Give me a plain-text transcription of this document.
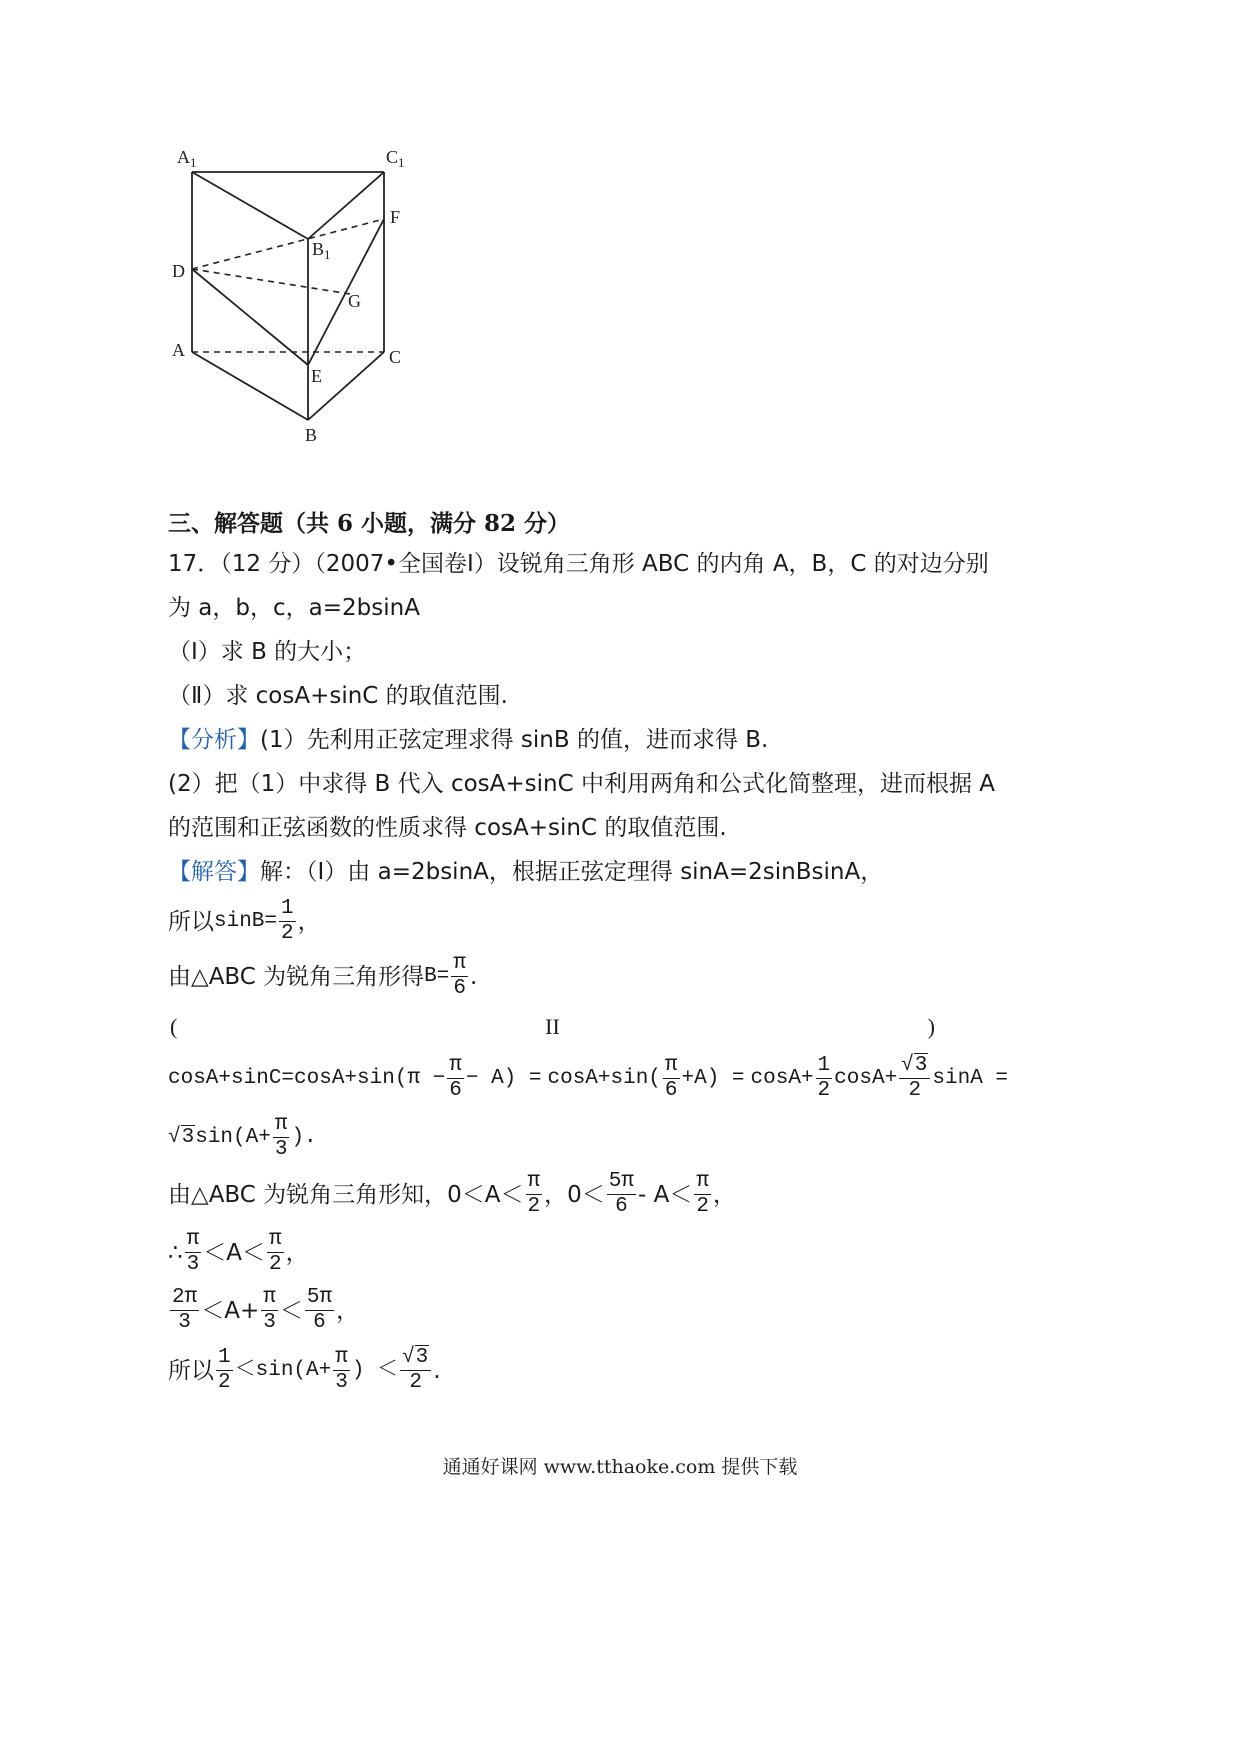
$A_1$	$C_1$
F
$B_1$
D
G
A	C
E
B
三、解答题（共 6 小题，满分 82 分）
17．（12 分）（2007•全国卷Ⅰ）设锐角三角形 ABC 的内角 A，B，C 的对边分别
为 a，b，c，a=2bsinA
（Ⅰ）求 B 的大小；
（Ⅱ）求 cosA+sinC 的取值范围.
【分析】(1）先利用正弦定理求得 sinB 的值，进而求得 B.
(2）把（1）中求得 B 代入 cosA+sinC 中利用两角和公式化简整理，进而根据 A
的范围和正弦函数的性质求得 cosA+sinC 的取值范围.
【解答】解：（Ⅰ）由 a=2bsinA，根据正弦定理得 sinA=2sinBsinA，
所以 $\sin B= \frac{1}{2}$ ，
由△ABC 为锐角三角形得 $B= \frac{\pi}{6}$ .
(	II	)
$\cos A+\sin C=\cos A+\sin(\pi - \frac{\pi}{6} - A) = \cos A+\sin( \frac{\pi}{6} +A) = \cos A+ \frac{1}{2} \cos A+ \frac{√3}{2}$ sinA =
√3 $\sin(A+ \frac{\pi}{3}$ ).
由△ABC 为锐角三角形知，$0<A< \frac{\pi}{2}$ ，$0< \frac{5\pi}{6} - A< \frac{\pi}{2}$ ，
∴ $\frac{\pi}{3} <A< \frac{\pi}{2}$ ，
$\frac{2\pi}{3} <A+ \frac{\pi}{3} < \frac{5\pi}{6}$ ，
所以 $\frac{1}{2} <\sin(A+ \frac{\pi}{3}$ ) ＜ $\frac{√3}{2}$ .
通通好课网 www.tthaoke.com 提供下载
